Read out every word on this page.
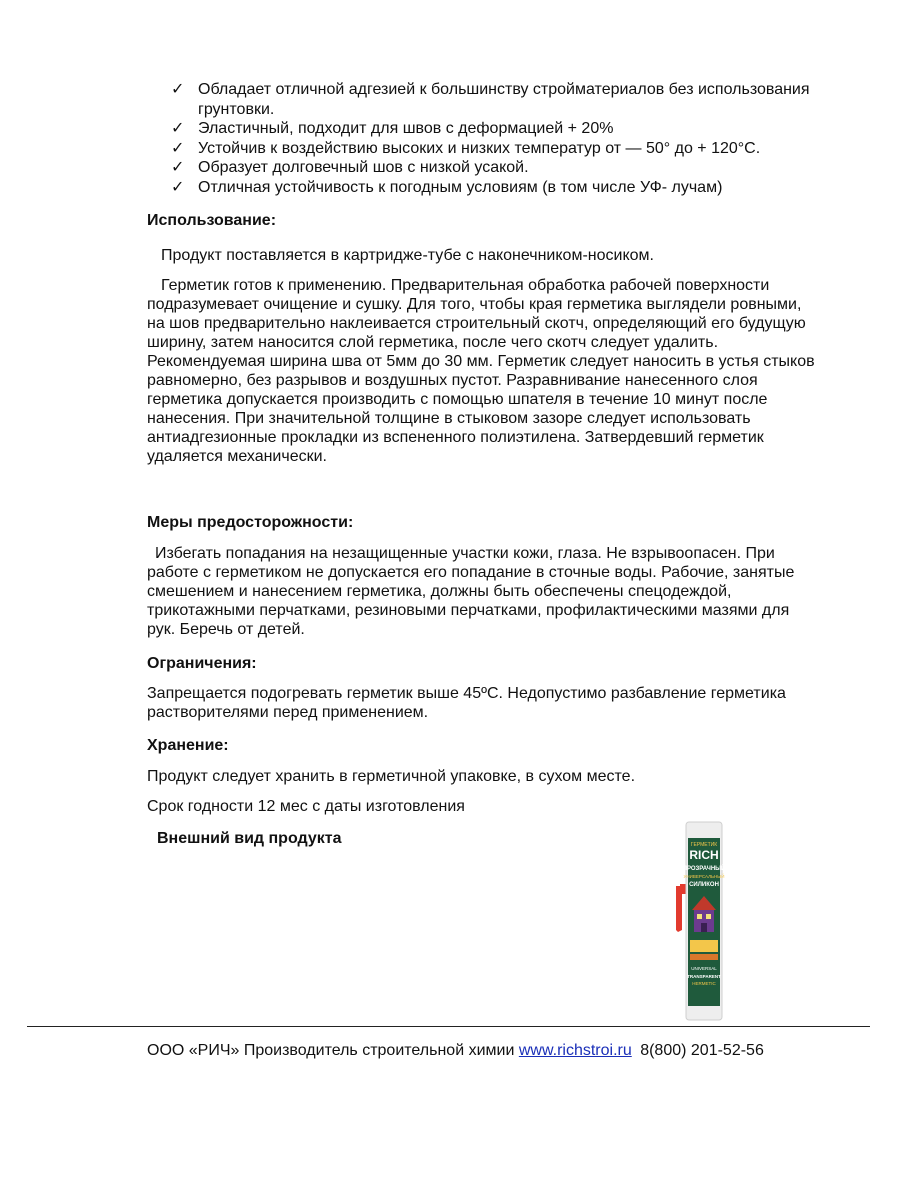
✓ Обладает отличной адгезией к большинству стройматериалов без использования грунтовки.
✓ Эластичный, подходит для швов с деформацией + 20%
✓ Устойчив к воздействию высоких и низких температур от — 50° до + 120°С.
✓ Образует долговечный шов с низкой усакой.
✓ Отличная устойчивость к погодным условиям (в том числе УФ- лучам)
Использование:

Продукт поставляется в картридже-тубе с наконечником-носиком.

Герметик готов к применению. Предварительная обработка рабочей поверхности подразумевает очищение и сушку. Для того, чтобы края герметика выглядели ровными, на шов предварительно наклеивается строительный скотч, определяющий его будущую ширину, затем наносится слой герметика, после чего скотч следует удалить. Рекомендуемая ширина шва от 5мм до 30 мм. Герметик следует наносить в устья стыков равномерно, без разрывов и воздушных пустот. Разравнивание нанесенного слоя герметика допускается производить с помощью шпателя в течение 10 минут после нанесения. При значительной толщине в стыковом зазоре следует использовать антиадгезионные прокладки из вспененного полиэтилена. Затвердевший герметик удаляется механически.

Меры предосторожности:

Избегать попадания на незащищенные участки кожи, глаза. Не взрывоопасен. При работе с герметиком не допускается его попадание в сточные воды. Рабочие, занятые смешением и нанесением герметика, должны быть обеспечены спецодеждой, трикотажными перчатками, резиновыми перчатками, профилактическими мазями для рук. Беречь от детей.

Ограничения:

Запрещается подогревать герметик выше 45ºС. Недопустимо разбавление герметика растворителями перед применением.

Хранение:

Продукт следует хранить в герметичной упаковке, в сухом месте.

Срок годности 12 мес с даты изготовления

Внешний вид продукта	ГЕРМЕТИК
RICH
ПРОЗРАЧНЫЙ
УНИВЕРСАЛЬНЫЙ
СИЛИКОН
UNIVERSAL
TRANSPARENT
HERMETIC
ООО «РИЧ» Производитель строительной химии www.richstroi.ru 8(800) 201-52-56
